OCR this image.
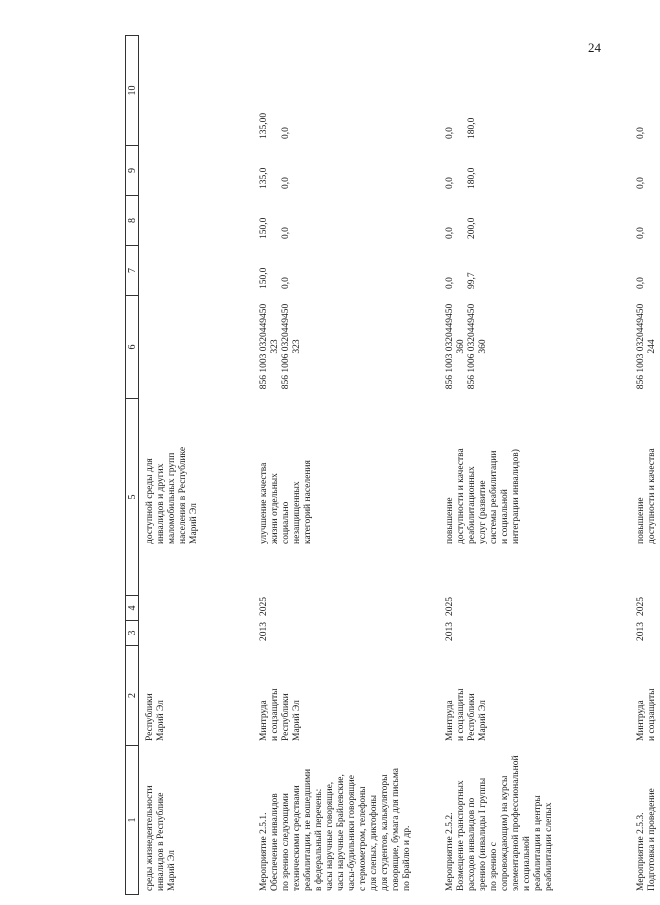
24
1
2
3
4
5
6
7
8
9
10
среды жизнедеятельности
инвалидов в Республике
Марий Эл
Республики
Марий Эл
доступной среды для
инвалидов и других
маломобильных групп
населения в Республике
Марий Эл
Мероприятие 2.5.1.
Обеспечение инвалидов
по зрению следующими
техническими средствами
реабилитации, не вошедшими
в федеральный перечень:
часы наручные говорящие,
часы наручные Брайлевские,
часы-будильники говорящие
с термометром, телефоны
для слепых, диктофоны
для студентов, калькуляторы
говорящие, бумага для письма
по Брайлю и др.
Минтруда
и соцзащиты
Республики
Марий Эл
2013
2025
улучшение качества
жизни отдельных
социально
незащищенных
категорий населения
856 1003 0320449450
323
856 1006 0320449450
323
150,0

0,0
150,0

0,0
135,0

0,0
135,00

0,0
Мероприятие 2.5.2.
Возмещение транспортных
расходов инвалидов по
зрению (инвалиды I группы
по зрению с
сопровождающим) на курсы
элементарной профессиональной
и социальной
реабилитации в центры
реабилитации слепых
Минтруда
и соцзащиты
Республики
Марий Эл
2013
2025
повышение
доступности и качества
реабилитационных
услуг (развитие
системы реабилитации
и социальной
интеграции инвалидов)
856 1003 0320449450
360
856 1006 0320449450
360
0,0

99,7
0,0

200,0
0,0

180,0
0,0

180,0
Мероприятие 2.5.3.
Подготовка и проведение
Минтруда
и соцзащиты
2013
2025
повышение
доступности и качества
856 1003 0320449450
244
0,0
0,0
0,0
0,0
